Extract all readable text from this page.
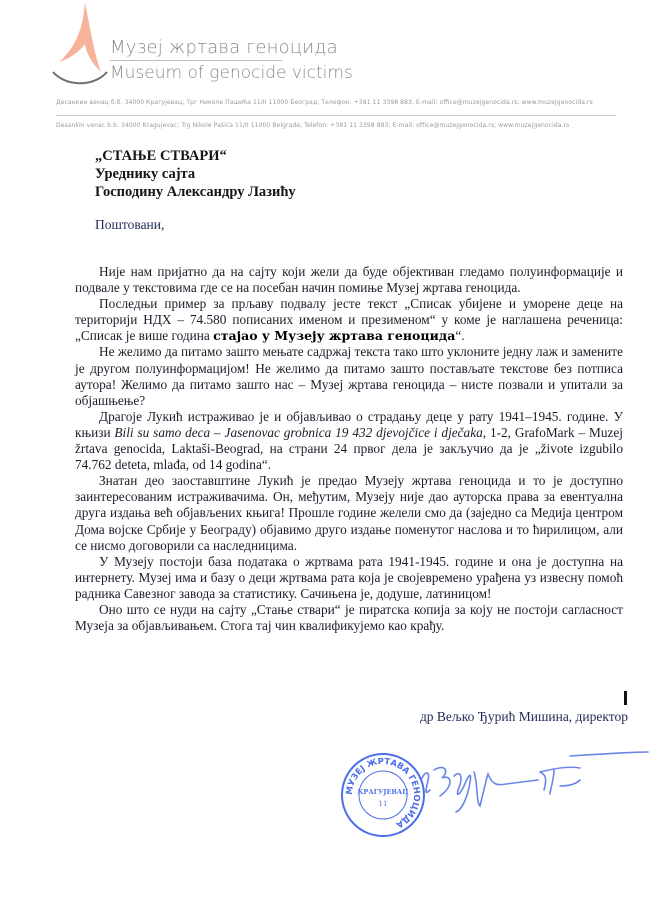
Музеј жртава геноцида
Museum of genocide victims
Десанкин венац б.б. 34000 Крагујевац; Трг Николе Пашића 11/II 11000 Београд; Телефон: +381 11 3398 883; E-mail: office@muzejgenocida.rs; www.muzejgenocida.rs
Desankin venac b.b. 34000 Kragujevac; Trg Nikole Pašića 11/II 11000 Belgrade; Telefon: +381 11 3398 883; E-mail: office@muzejgenocida.rs; www.muzejgenocida.rs
„СТАЊЕ СТВАРИ“
Уреднику сајта
Господину Александру Лазићу
Поштовани,

Није нам пријатно да на сајту који жели да буде објективан гледамо полуинформације и подвале у текстовима где се на посебан начин помиње Музеј жртава геноцида.

Последњи пример за прљаву подвалу јесте текст „Списак убијене и уморене деце на територији НДХ – 74.580 пописаних именом и презименом“ у коме је наглашена реченица: „Списак је више година стајао у Музеју жртава геноцида“.

Не желимо да питамо зашто мењате садржај текста тако што уклоните једну лаж и замените је другом полуинформацијом! Не желимо да питамо зашто постављате текстове без потписа аутора! Желимо да питамо зашто нас – Музеј жртава геноцида – нисте позвали и упитали за објашњење?

Драгоје Лукић истраживао је и објављивао о страдању деце у рату 1941–1945. године. У књизи Bili su samo deca – Jasenovac grobnica 19 432 djevojčice i dječaka, 1-2, GrafoMark – Muzej žrtava genocida, Laktaši-Beograd, на страни 24 првог дела је закључио да је „živote izgubilo 74.762 deteta, mlađa, od 14 godina“.

Знатан део заоставштине Лукић је предао Музеју жртава геноцида и то је доступно заинтересованим истраживачима. Он, међутим, Музеју није дао ауторска права за евентуална друга издања већ објављених књига! Прошле године желели смо да (заједно са Медија центром Дома војске Србије у Београду) објавимо друго издање поменутог наслова и то ћирилицом, али се нисмо договорили са наследницима.

У Музеју постоји база података о жртвама рата 1941-1945. године и она је доступна на интернету. Музеј има и базу о деци жртвама рата која је својевремено урађена уз извесну помоћ радника Савезног завода за статистику. Сачињена је, додуше, латиницом!

Оно што се нуди на сајту „Стање ствари“ је пиратска копија за коју не постоји сагласност Музеја за објављивањем. Стога тај чин квалификујемо као крађу.

др Вељко Ђурић Мишина, директор
МУЗЕЈ ЖРТАВА ГЕНОЦИДА
КРАГУЈЕВАЦ
11
